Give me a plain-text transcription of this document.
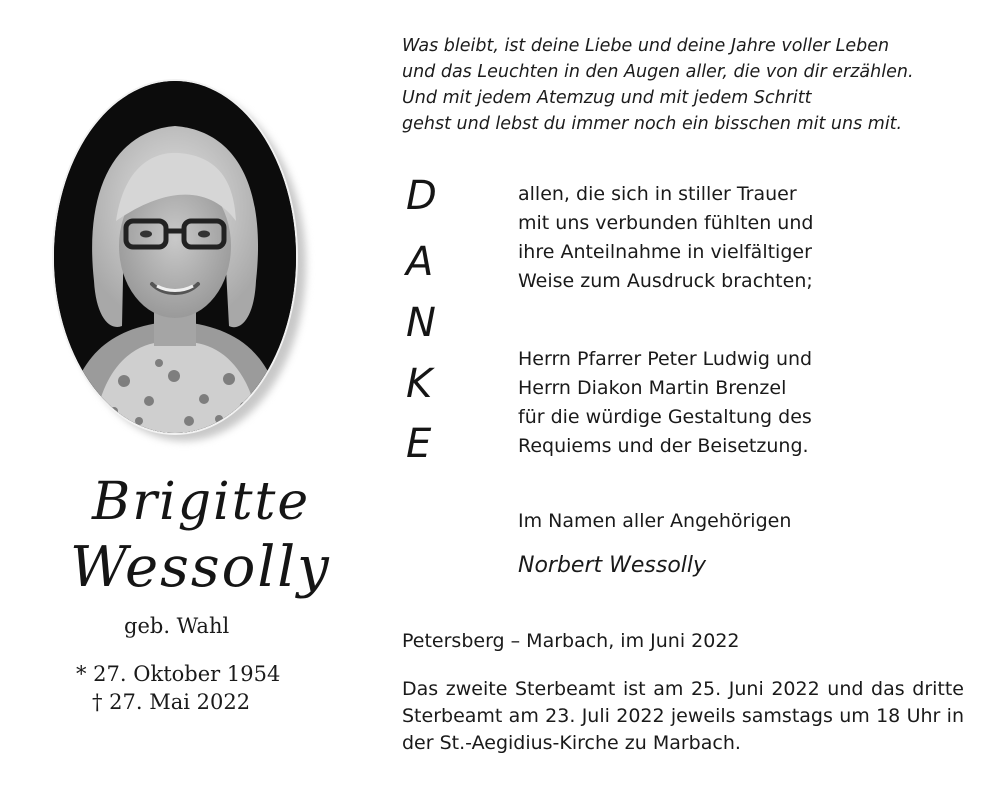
Brigitte
Wessolly
geb. Wahl
* 27. Oktober 1954
† 27. Mai 2022
Was bleibt, ist deine Liebe und deine Jahre voller Leben
und das Leuchten in den Augen aller, die von dir erzählen.
Und mit jedem Atemzug und mit jedem Schritt
gehst und lebst du immer noch ein bisschen mit uns mit.
D
A
N
K
E
allen, die sich in stiller Trauer
mit uns verbunden fühlten und
ihre Anteilnahme in vielfältiger
Weise zum Ausdruck brachten;
Herrn Pfarrer Peter Ludwig und
Herrn Diakon Martin Brenzel
für die würdige Gestaltung des
Requiems und der Beisetzung.
Im Namen aller Angehörigen
Norbert Wessolly
Petersberg – Marbach, im Juni 2022
Das zweite Sterbeamt ist am 25. Juni 2022 und das dritte Sterbeamt am 23. Juli 2022 jeweils samstags um 18 Uhr in der St.-Aegidius-Kirche zu Marbach.
